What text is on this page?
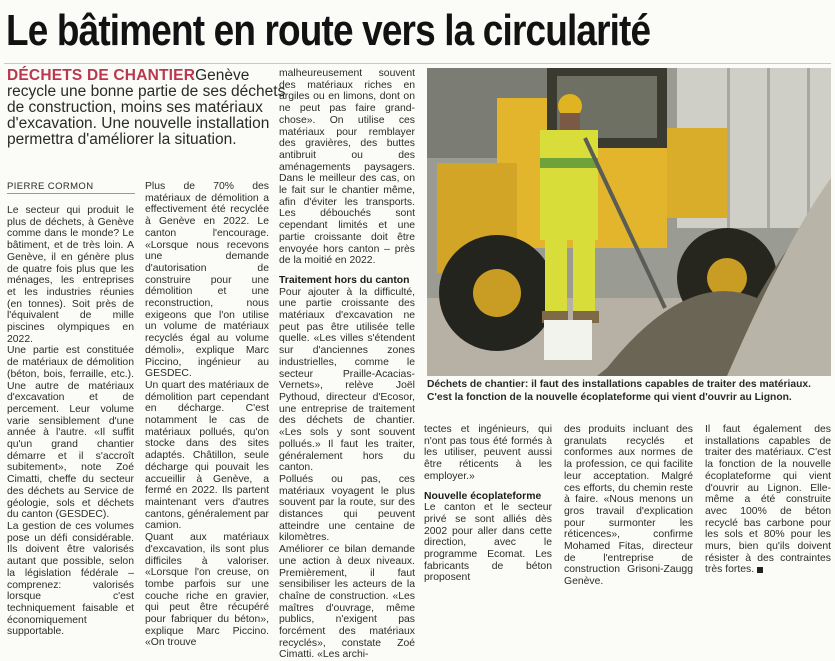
Le bâtiment en route vers la circularité
DÉCHETS DE CHANTIERGenève recycle une bonne partie de ses déchets de construction, moins ses matériaux d'excavation. Une nouvelle installation permettra d'améliorer la situation.
PIERRE CORMON

Le secteur qui produit le plus de déchets, à Genève comme dans le monde? Le bâtiment, et de très loin. A Genève, il en génère plus de quatre fois plus que les ménages, les entreprises et les industries réunies (en tonnes). Soit près de l'équivalent de mille piscines olympiques en 2022.

Une partie est constituée de matériaux de démolition (béton, bois, ferraille, etc.). Une autre de matériaux d'excavation et de percement. Leur volume varie sensiblement d'une année à l'autre. «Il suffit qu'un grand chantier démarre et il s'accroît subitement», note Zoé Cimatti, cheffe du secteur des déchets au Service de géologie, sols et déchets du canton (GESDEC).

La gestion de ces volumes pose un défi considérable. Ils doivent être valorisés autant que possible, selon la législation fédérale – comprenez: valorisés lorsque c'est techniquement faisable et économiquement supportable.

Plus de 70% des matériaux de démolition a effectivement été recyclée à Genève en 2022. Le canton l'encourage. «Lorsque nous recevons une demande d'autorisation de construire pour une démolition et une reconstruction, nous exigeons que l'on utilise un volume de matériaux recyclés égal au volume démoli», explique Marc Piccino, ingénieur au GESDEC.

Un quart des matériaux de démolition part cependant en décharge. C'est notamment le cas de matériaux pollués, qu'on stocke dans des sites adaptés. Châtillon, seule décharge qui pouvait les accueillir à Genève, a fermé en 2022. Ils partent maintenant vers d'autres cantons, généralement par camion.

Quant aux matériaux d'excavation, ils sont plus difficiles à valoriser. «Lorsque l'on creuse, on tombe parfois sur une couche riche en gravier, qui peut être récupéré pour fabriquer du béton», explique Marc Piccino. «On trouve

malheureusement souvent des matériaux riches en argiles ou en limons, dont on ne peut pas faire grand-chose». On utilise ces matériaux pour remblayer des gravières, des buttes antibruit ou des aménagements paysagers. Dans le meilleur des cas, on le fait sur le chantier même, afin d'éviter les transports. Les débouchés sont cependant limités et une partie croissante doit être envoyée hors canton – près de la moitié en 2022.

Traitement hors du canton

Pour ajouter à la difficulté, une partie croissante des matériaux d'excavation ne peut pas être utilisée telle quelle. «Les villes s'étendent sur d'anciennes zones industrielles, comme le secteur Praille-Acacias-Vernets», relève Joël Pythoud, directeur d'Ecosor, une entreprise de traitement des déchets de chantier. «Les sols y sont souvent pollués.» Il faut les traiter, généralement hors du canton.

Pollués ou pas, ces matériaux voyagent le plus souvent par la route, sur des distances qui peuvent atteindre une centaine de kilomètres.

Améliorer ce bilan demande une action à deux niveaux. Premièrement, il faut sensibiliser les acteurs de la chaîne de construction. «Les maîtres d'ouvrage, même publics, n'exigent pas forcément des matériaux recyclés», constate Zoé Cimatti. «Les archi-

Déchets de chantier: il faut des installations capables de traiter des matériaux. C'est la fonction de la nouvelle écoplateforme qui vient d'ouvrir au Lignon.

tectes et ingénieurs, qui n'ont pas tous été formés à les utiliser, peuvent aussi être réticents à les employer.»

Nouvelle écoplateforme

Le canton et le secteur privé se sont alliés dès 2002 pour aller dans cette direction, avec le programme Ecomat. Les fabricants de béton proposent

des produits incluant des granulats recyclés et conformes aux normes de la profession, ce qui facilite leur acceptation. Malgré ces efforts, du chemin reste à faire. «Nous menons un gros travail d'explication pour surmonter les réticences», confirme Mohamed Fitas, directeur de l'entreprise de construction Grisoni-Zaugg Genève.

Il faut également des installations capables de traiter des matériaux. C'est la fonction de la nouvelle écoplateforme qui vient d'ouvrir au Lignon. Elle-même a été construite avec 100% de béton recyclé bas carbone pour les sols et 80% pour les murs, bien qu'ils doivent résister à des contraintes très fortes.
